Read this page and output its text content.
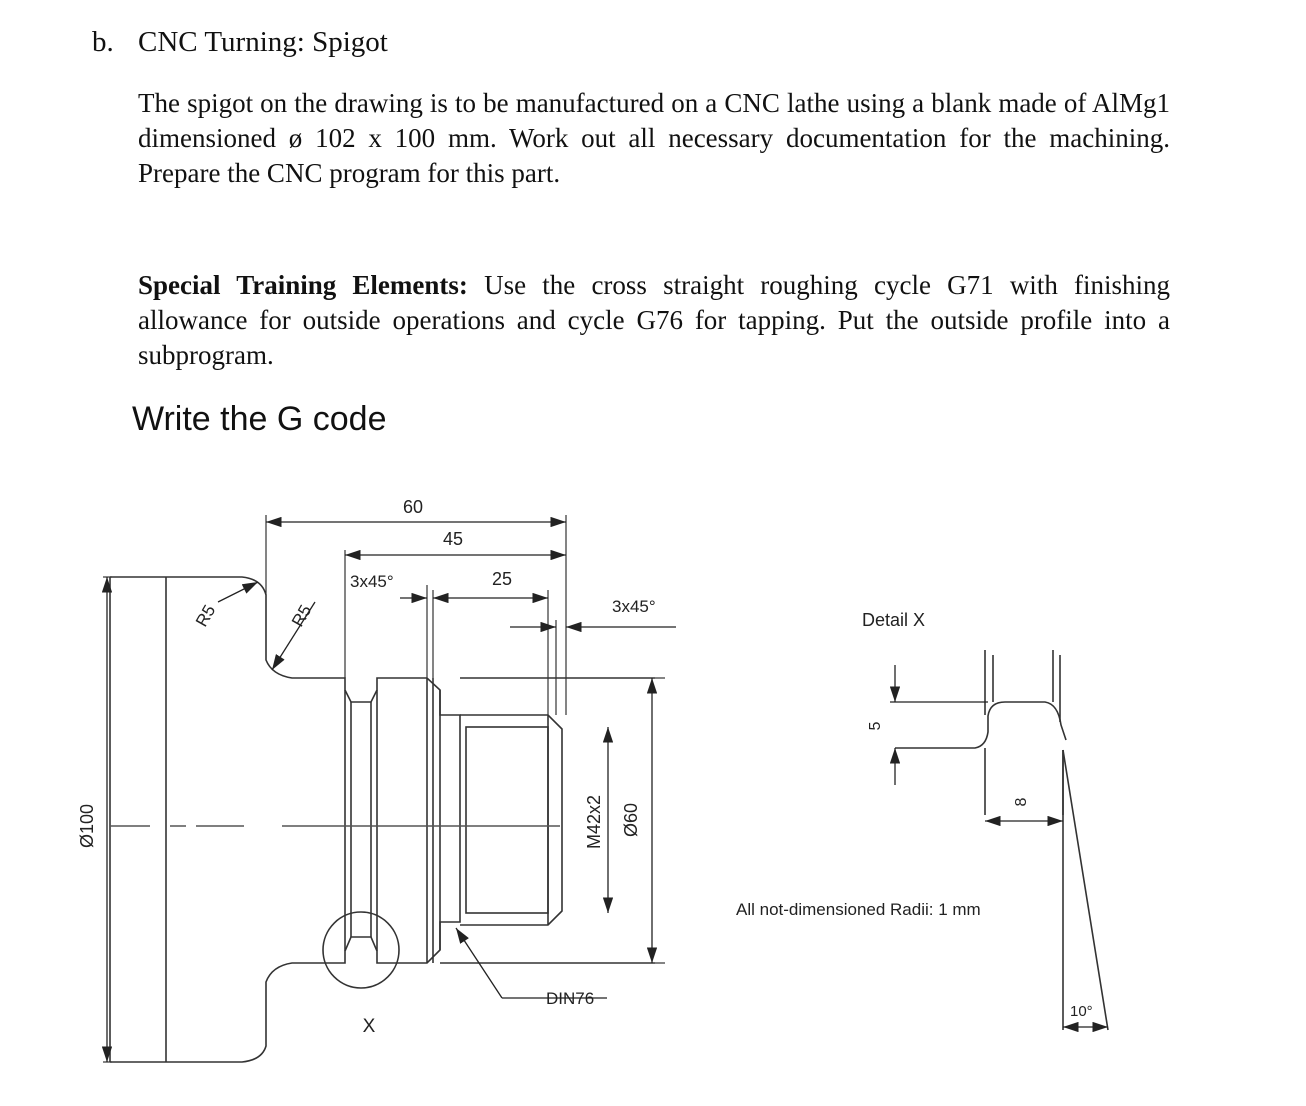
b. CNC Turning: Spigot
The spigot on the drawing is to be manufactured on a CNC lathe using a blank made of AlMg1 dimensioned ø 102 x 100 mm. Work out all necessary documentation for the machining. Prepare the CNC program for this part.
Special Training Elements: Use the cross straight roughing cycle G71 with finishing allowance for outside operations and cycle G76 for tapping. Put the outside profile into a subprogram.
Write the G code
60
45
25
3x45°
3x45°
R5	R5
Ø100	M42x2 Ø60
DIN76
X
Detail X
5
8
All not-dimensioned Radii: 1 mm
10°
